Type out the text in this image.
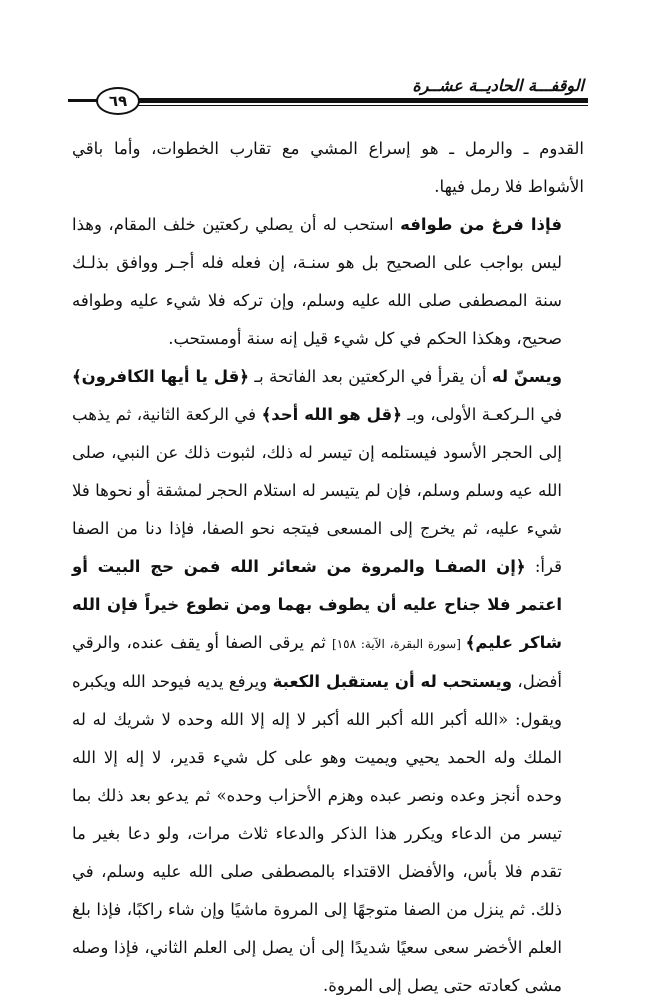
الوقفـــة الحاديــة عشــرة
٦٩

القدوم ـ والرمل ـ هو إسراع المشي مع تقارب الخطوات، وأما باقي الأشواط فلا رمل فيها.

فإذا فرغ من طوافه استحب له أن يصلي ركعتين خلف المقام، وهذا ليس بواجب على الصحيح بل هو سنـة، إن فعله فله أجـر ووافق بذلـك سنة المصطفى صلى الله عليه وسلم، وإن تركه فلا شيء عليه وطوافه صحيح، وهكذا الحكم في كل شيء قيل إنه سنة أومستحب.

ويسنّ له أن يقرأ في الركعتين بعد الفاتحة بـ ﴿قل يا أيها الكافرون﴾ في الـركعـة الأولى، وبـ ﴿قل هو الله أحد﴾ في الركعة الثانية، ثم يذهب إلى الحجر الأسود فيستلمه إن تيسر له ذلك، لثبوت ذلك عن النبي، صلى الله عيه وسلم وسلم، فإن لم يتيسر له استلام الحجر لمشقة أو نحوها فلا شيء عليه، ثم يخرج إلى المسعى فيتجه نحو الصفا، فإذا دنا من الصفا قرأ: ﴿إن الصفـا والمروة من شعائر الله فمن حج البيت أو اعتمر فلا جناح عليه أن يطوف بهما ومن تطوع خيراً فإن الله شاكر عليم﴾ [سورة البقرة، الآية: ١٥٨] ثم يرقى الصفا أو يقف عنده، والرقي أفضل، ويستحب له أن يستقبل الكعبة ويرفع يديه فيوحد الله ويكبره ويقول: «الله أكبر الله أكبر الله أكبر لا إله إلا الله وحده لا شريك له له الملك وله الحمد يحيي ويميت وهو على كل شيء قدير، لا إله إلا الله وحده أنجز وعده ونصر عبده وهزم الأحزاب وحده» ثم يدعو بعد ذلك بما تيسر من الدعاء ويكرر هذا الذكر والدعاء ثلاث مرات، ولو دعا بغير ما تقدم فلا بأس، والأفضل الاقتداء بالمصطفى صلى الله عليه وسلم، في ذلك. ثم ينزل من الصفا متوجهًا إلى المروة ماشيًا وإن شاء راكبًا، فإذا بلغ العلم الأخضر سعى سعيًا شديدًا إلى أن يصل إلى العلم الثاني، فإذا وصله مشى كعادته حتى يصل إلى المروة.
